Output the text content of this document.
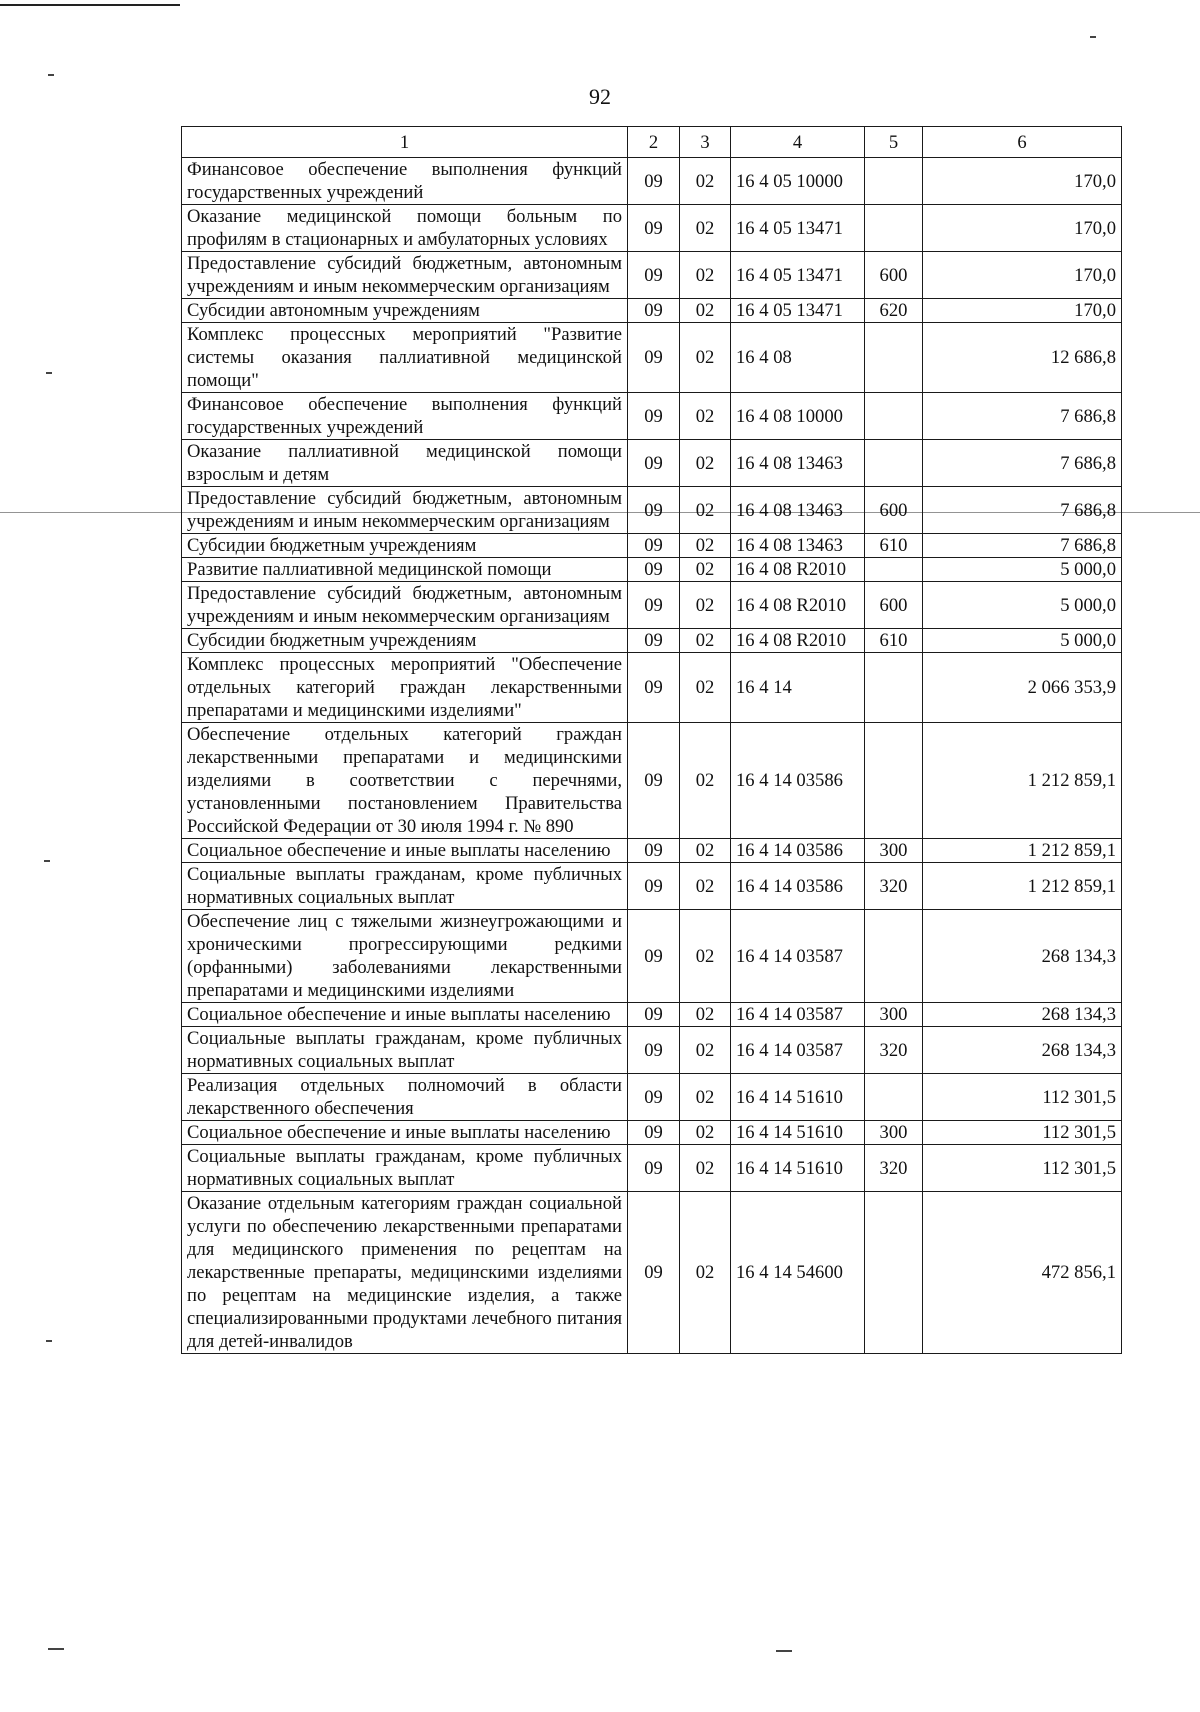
92
1	2	3	4	5	6
Финансовое обеспечение выполнения функций государственных учреждений	09	02	16 4 05 10000		170,0
Оказание медицинской помощи больным по профилям в стационарных и амбулаторных условиях	09	02	16 4 05 13471		170,0
Предоставление субсидий бюджетным, автономным учреждениям и иным некоммерческим организациям	09	02	16 4 05 13471	600	170,0
Субсидии автономным учреждениям	09	02	16 4 05 13471	620	170,0
Комплекс процессных мероприятий "Развитие системы оказания паллиативной медицинской помощи"	09	02	16 4 08		12 686,8
Финансовое обеспечение выполнения функций государственных учреждений	09	02	16 4 08 10000		7 686,8
Оказание паллиативной медицинской помощи взрослым и детям	09	02	16 4 08 13463		7 686,8
Предоставление субсидий бюджетным, автономным учреждениям и иным некоммерческим организациям	09	02	16 4 08 13463	600	7 686,8
Субсидии бюджетным учреждениям	09	02	16 4 08 13463	610	7 686,8
Развитие паллиативной медицинской помощи	09	02	16 4 08 R2010		5 000,0
Предоставление субсидий бюджетным, автономным учреждениям и иным некоммерческим организациям	09	02	16 4 08 R2010	600	5 000,0
Субсидии бюджетным учреждениям	09	02	16 4 08 R2010	610	5 000,0
Комплекс процессных мероприятий "Обеспечение отдельных категорий граждан лекарственными препаратами и медицинскими изделиями"	09	02	16 4 14		2 066 353,9
Обеспечение отдельных категорий граждан лекарственными препаратами и медицинскими изделиями в соответствии с перечнями, установленными постановлением Правительства Российской Федерации от 30 июля 1994 г. № 890	09	02	16 4 14 03586		1 212 859,1
Социальное обеспечение и иные выплаты населению	09	02	16 4 14 03586	300	1 212 859,1
Социальные выплаты гражданам, кроме публичных нормативных социальных выплат	09	02	16 4 14 03586	320	1 212 859,1
Обеспечение лиц с тяжелыми жизнеугрожающими и хроническими прогрессирующими редкими (орфанными) заболеваниями лекарственными препаратами и медицинскими изделиями	09	02	16 4 14 03587		268 134,3
Социальное обеспечение и иные выплаты населению	09	02	16 4 14 03587	300	268 134,3
Социальные выплаты гражданам, кроме публичных нормативных социальных выплат	09	02	16 4 14 03587	320	268 134,3
Реализация отдельных полномочий в области лекарственного обеспечения	09	02	16 4 14 51610		112 301,5
Социальное обеспечение и иные выплаты населению	09	02	16 4 14 51610	300	112 301,5
Социальные выплаты гражданам, кроме публичных нормативных социальных выплат	09	02	16 4 14 51610	320	112 301,5
Оказание отдельным категориям граждан социальной услуги по обеспечению лекарственными препаратами для медицинского применения по рецептам на лекарственные препараты, медицинскими изделиями по рецептам на медицинские изделия, а также специализированными продуктами лечебного питания для детей-инвалидов	09	02	16 4 14 54600		472 856,1
